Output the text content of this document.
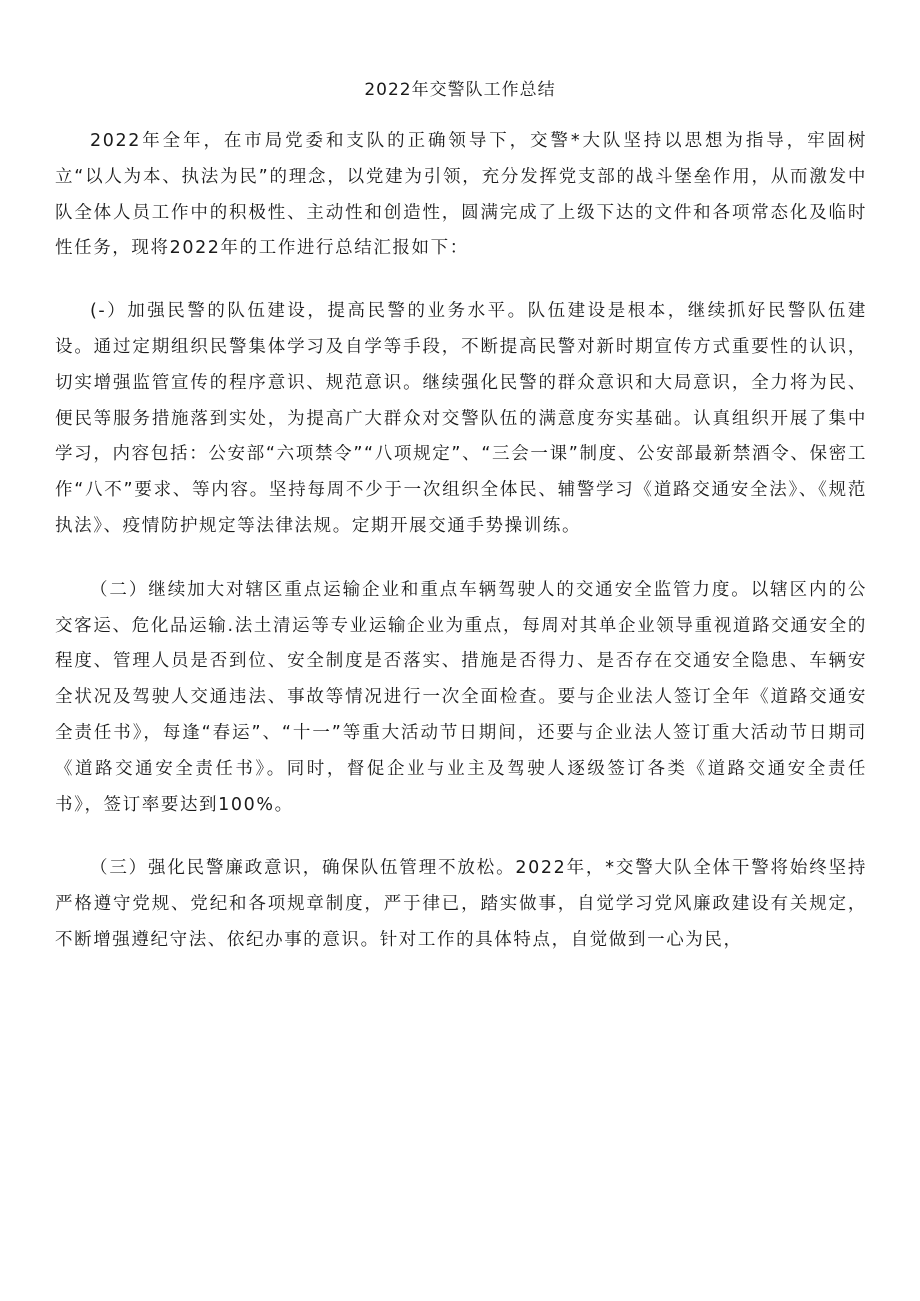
2022年交警队工作总结

2022年全年，在市局党委和支队的正确领导下，交警*大队坚持以思想为指导，牢固树立“以人为本、执法为民”的理念，以党建为引领，充分发挥党支部的战斗堡垒作用，从而激发中队全体人员工作中的积极性、主动性和创造性，圆满完成了上级下达的文件和各项常态化及临时性任务，现将2022年的工作进行总结汇报如下：

(-）加强民警的队伍建设，提高民警的业务水平。队伍建设是根本，继续抓好民警队伍建设。通过定期组织民警集体学习及自学等手段，不断提高民警对新时期宣传方式重要性的认识，切实增强监管宣传的程序意识、规范意识。继续强化民警的群众意识和大局意识，全力将为民、便民等服务措施落到实处，为提高广大群众对交警队伍的满意度夯实基础。认真组织开展了集中学习，内容包括：公安部“六项禁令”“八项规定”、“三会一课”制度、公安部最新禁酒令、保密工作“八不”要求、等内容。坚持每周不少于一次组织全体民、辅警学习《道路交通安全法》、《规范执法》、疫情防护规定等法律法规。定期开展交通手势操训练。

（二）继续加大对辖区重点运输企业和重点车辆驾驶人的交通安全监管力度。以辖区内的公交客运、危化品运输.法土清运等专业运输企业为重点，每周对其单企业领导重视道路交通安全的程度、管理人员是否到位、安全制度是否落实、措施是否得力、是否存在交通安全隐患、车辆安全状况及驾驶人交通违法、事故等情况进行一次全面检查。要与企业法人签订全年《道路交通安全责任书》，每逢“春运”、“十一”等重大活动节日期间，还要与企业法人签订重大活动节日期司《道路交通安全责任书》。同时，督促企业与业主及驾驶人逐级签订各类《道路交通安全责任书》，签订率要达到100%。

（三）强化民警廉政意识，确保队伍管理不放松。2022年，*交警大队全体干警将始终坚持严格遵守党规、党纪和各项规章制度，严于律已，踏实做事，自觉学习党风廉政建设有关规定，不断增强遵纪守法、依纪办事的意识。针对工作的具体特点，自觉做到一心为民，
